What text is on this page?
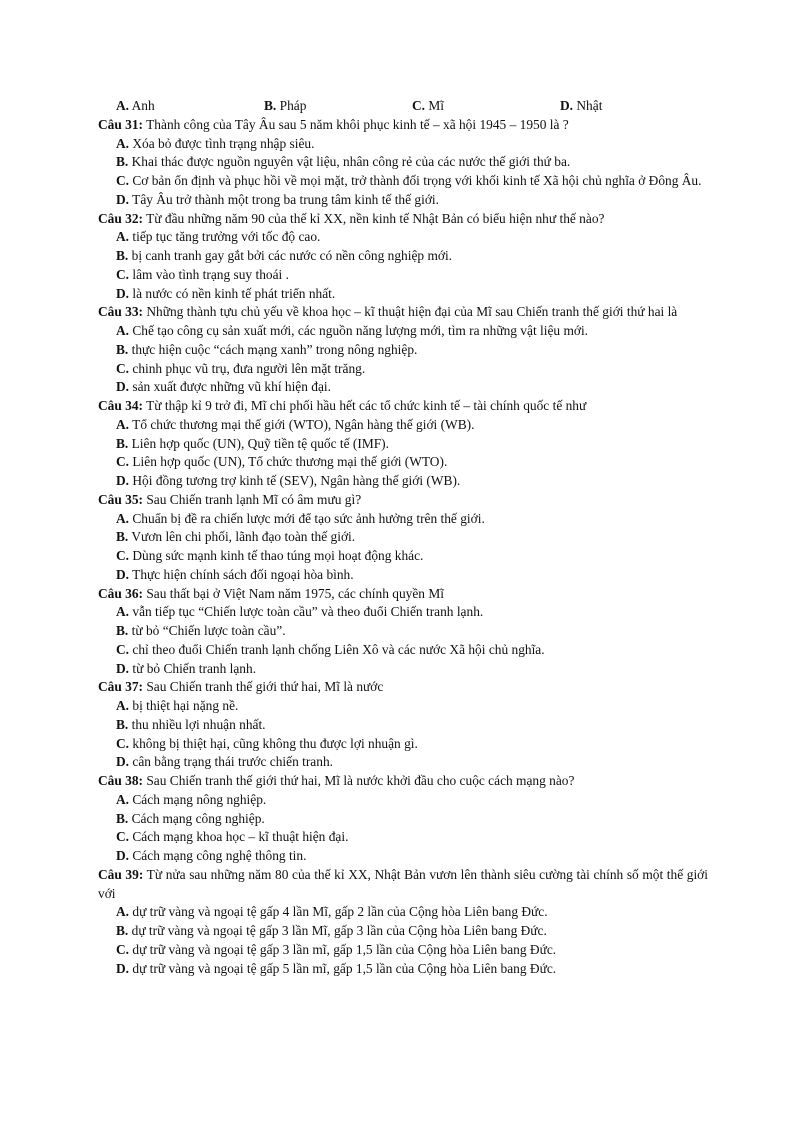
A. Anh	B. Pháp	C. Mĩ	D. Nhật
Câu 31: Thành công của Tây Âu sau 5 năm khôi phục kinh tế – xã hội 1945 – 1950 là ?
A. Xóa bỏ được tình trạng nhập siêu.
B. Khai thác được nguồn nguyên vật liệu, nhân công rẻ của các nước thế giới thứ ba.
C. Cơ bản ổn định và phục hồi về mọi mặt, trở thành đối trọng với khối kinh tế Xã hội chủ nghĩa ở Đông Âu.
D. Tây Âu trở thành một trong ba trung tâm kinh tế thế giới.
Câu 32: Từ đầu những năm 90 của thế kỉ XX, nền kinh tế Nhật Bản có biểu hiện như thế nào?
A. tiếp tục tăng trưởng với tốc độ cao.
B. bị canh tranh gay gắt bởi các nước có nền công nghiệp mới.
C. lâm vào tình trạng suy thoái .
D. là nước có nền kinh tế phát triển nhất.
Câu 33: Những thành tựu chủ yếu về khoa học – kĩ thuật hiện đại của Mĩ sau Chiến tranh thế giới thứ hai là
A. Chế tạo công cụ sản xuất mới, các nguồn năng lượng mới, tìm ra những vật liệu mới.
B. thực hiện cuộc “cách mạng xanh” trong nông nghiệp.
C. chinh phục vũ trụ, đưa người lên mặt trăng.
D. sản xuất được những vũ khí hiện đại.
Câu 34: Từ thập kỉ 9 trở đi, Mĩ chi phối hầu hết các tổ chức kinh tế – tài chính quốc tế như
A. Tổ chức thương mại thế giới (WTO), Ngân hàng thế giới (WB).
B. Liên hợp quốc (UN), Quỹ tiền tệ quốc tế (IMF).
C. Liên hợp quốc (UN), Tổ chức thương mại thế giới (WTO).
D. Hội đồng tương trợ kinh tế (SEV), Ngân hàng thế giới (WB).
Câu 35: Sau Chiến tranh lạnh Mĩ có âm mưu gì?
A. Chuẩn bị đề ra chiến lược mới để tạo sức ảnh hưởng trên thế giới.
B. Vươn lên chi phối, lãnh đạo toàn thế giới.
C. Dùng sức mạnh kinh tế thao túng mọi hoạt động khác.
D. Thực hiện chính sách đối ngoại hòa bình.
Câu 36: Sau thất bại ở Việt Nam năm 1975, các chính quyền Mĩ
A. vẫn tiếp tục “Chiến lược toàn cầu” và theo đuổi Chiến tranh lạnh.
B. từ bỏ “Chiến lược toàn cầu”.
C. chỉ theo đuổi Chiến tranh lạnh chống Liên Xô và các nước Xã hội chủ nghĩa.
D. từ bỏ Chiến tranh lạnh.
Câu 37: Sau Chiến tranh thế giới thứ hai, Mĩ là nước
A. bị thiệt hại nặng nề.
B. thu nhiều lợi nhuận nhất.
C. không bị thiệt hại, cũng không thu được lợi nhuận gì.
D. cân bằng trạng thái trước chiến tranh.
Câu 38: Sau Chiến tranh thế giới thứ hai, Mĩ là nước khởi đầu cho cuộc cách mạng nào?
A. Cách mạng nông nghiệp.
B. Cách mạng công nghiệp.
C. Cách mạng khoa học – kĩ thuật hiện đại.
D. Cách mạng công nghệ thông tin.
Câu 39: Từ nửa sau những năm 80 của thế kỉ XX, Nhật Bản vươn lên thành siêu cường tài chính số một thế giới với
A. dự trữ vàng và ngoại tệ gấp 4 lần Mĩ, gấp 2 lần của Cộng hòa Liên bang Đức.
B. dự trữ vàng và ngoại tệ gấp 3 lần Mĩ, gấp 3 lần của Cộng hòa Liên bang Đức.
C. dự trữ vàng và ngoại tệ gấp 3 lần mĩ, gấp 1,5 lần của Cộng hòa Liên bang Đức.
D. dự trữ vàng và ngoại tệ gấp 5 lần mĩ, gấp 1,5 lần của Cộng hòa Liên bang Đức.
